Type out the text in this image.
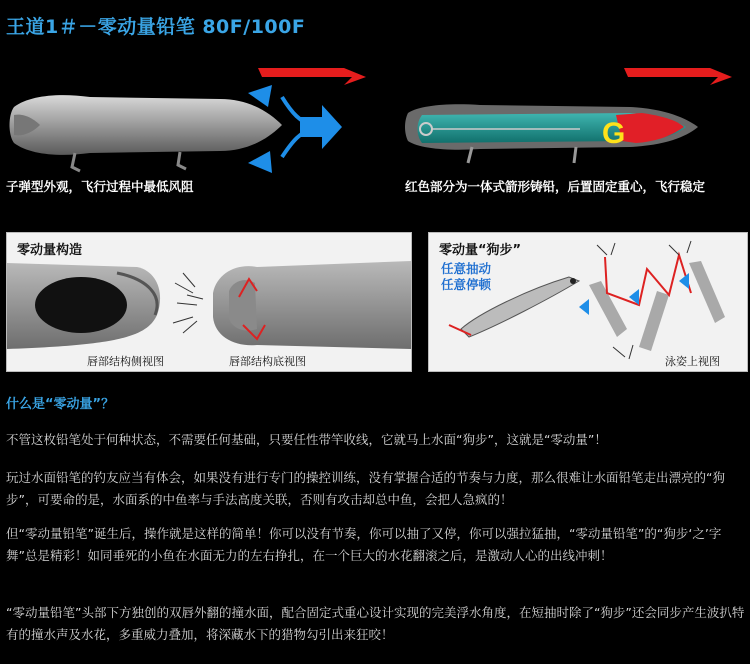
王道1＃－零动量铅笔 80F/100F
子弹型外观，飞行过程中最低风阻
G
红色部分为一体式箭形铸铅，后置固定重心，飞行稳定
零动量构造
唇部结构侧视图	唇部结构底视图
零动量“狗步”
任意抽动
任意停顿
泳姿上视图
什么是“零动量”？
不管这枚铅笔处于何种状态，不需要任何基础，只要任性带竿收线，它就马上水面“狗步”，这就是“零动量”！
玩过水面铅笔的钓友应当有体会，如果没有进行专门的操控训练，没有掌握合适的节奏与力度，那么很难让水面铅笔走出漂亮的“狗步”，可要命的是，水面系的中鱼率与手法高度关联，否则有攻击却总中鱼，会把人急疯的！
但“零动量铅笔”诞生后，操作就是这样的简单！你可以没有节奏，你可以抽了又停，你可以强拉猛抽，“零动量铅笔”的“狗步‘之’字舞”总是精彩！如同垂死的小鱼在水面无力的左右挣扎，在一个巨大的水花翻滚之后，是激动人心的出线冲刺！
“零动量铅笔”头部下方独创的双唇外翻的撞水面，配合固定式重心设计实现的完美浮水角度，在短抽时除了“狗步”还会同步产生波扒特有的撞水声及水花，多重威力叠加，将深藏水下的猎物勾引出来狂咬！
